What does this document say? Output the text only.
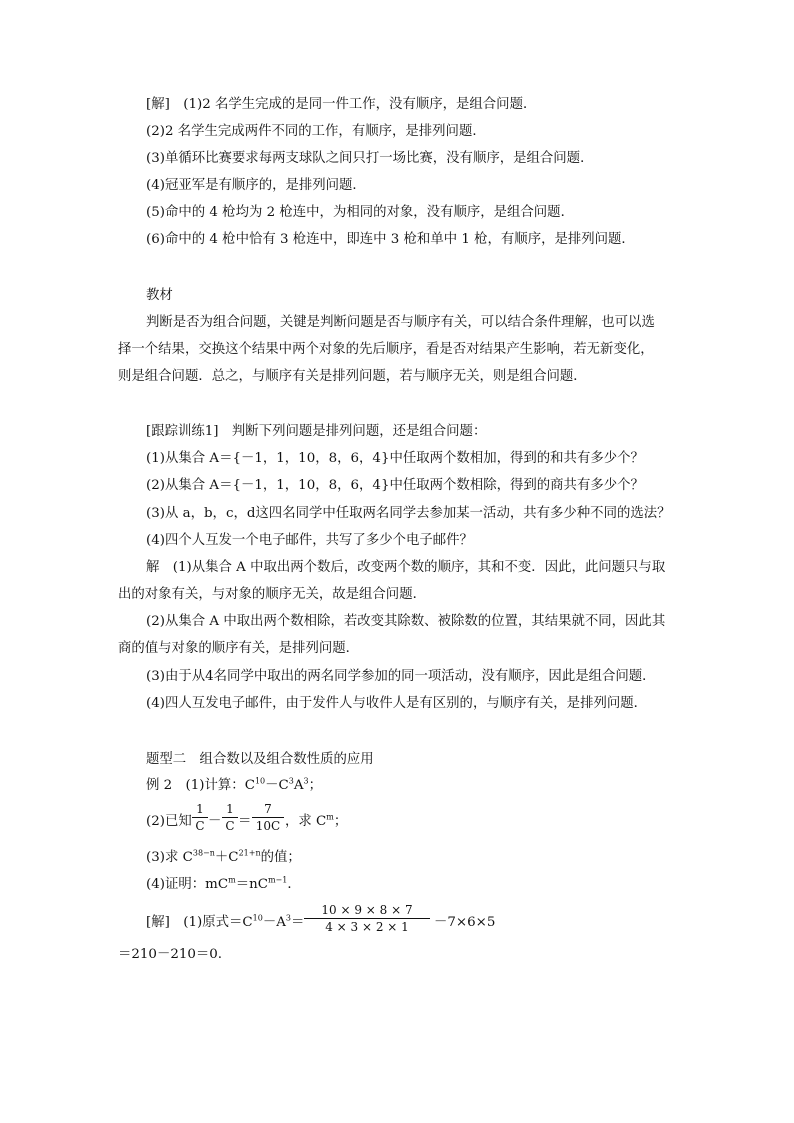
[解]　(1)2 名学生完成的是同一件工作，没有顺序，是组合问题．
(2)2 名学生完成两件不同的工作，有顺序，是排列问题．
(3)单循环比赛要求每两支球队之间只打一场比赛，没有顺序，是组合问题．
(4)冠亚军是有顺序的，是排列问题．
(5)命中的 4 枪均为 2 枪连中，为相同的对象，没有顺序，是组合问题．
(6)命中的 4 枪中恰有 3 枪连中，即连中 3 枪和单中 1 枪，有顺序，是排列问题．
教材
判断是否为组合问题，关键是判断问题是否与顺序有关，可以结合条件理解，也可以选
择一个结果，交换这个结果中两个对象的先后顺序，看是否对结果产生影响，若无新变化，
则是组合问题．总之，与顺序有关是排列问题，若与顺序无关，则是组合问题．
[跟踪训练1]　判断下列问题是排列问题，还是组合问题：
(1)从集合 A＝{－1，1，10，8，6，4}中任取两个数相加，得到的和共有多少个？
(2)从集合 A＝{－1，1，10，8，6，4}中任取两个数相除，得到的商共有多少个？
(3)从 a，b，c，d这四名同学中任取两名同学去参加某一活动，共有多少种不同的选法？
(4)四个人互发一个电子邮件，共写了多少个电子邮件？
解　(1)从集合 A 中取出两个数后，改变两个数的顺序，其和不变．因此，此问题只与取
出的对象有关，与对象的顺序无关，故是组合问题．
(2)从集合 A 中取出两个数相除，若改变其除数、被除数的位置，其结果就不同，因此其
商的值与对象的顺序有关，是排列问题．
(3)由于从4名同学中取出的两名同学参加的同一项活动，没有顺序，因此是组合问题．
(4)四人互发电子邮件，由于发件人与收件人是有区别的，与顺序有关，是排列问题．
题型二　组合数以及组合数性质的应用
例 2　(1)计算：$C^{10}-C^3A^3$；
(2)已知
1
C －
1
C ＝
7
10C ，求 $C^m$；
(3)求 $C^{38-n}+C^{21+n}$的值；
(4)证明：$mC^m=nC^{m-1}$．
[解]　(1)原式$=C^{10}-A^3=$
10 × 9 × 8 × 7
4 × 3 × 2 × 1	－7×6×5
＝210－210＝0.
